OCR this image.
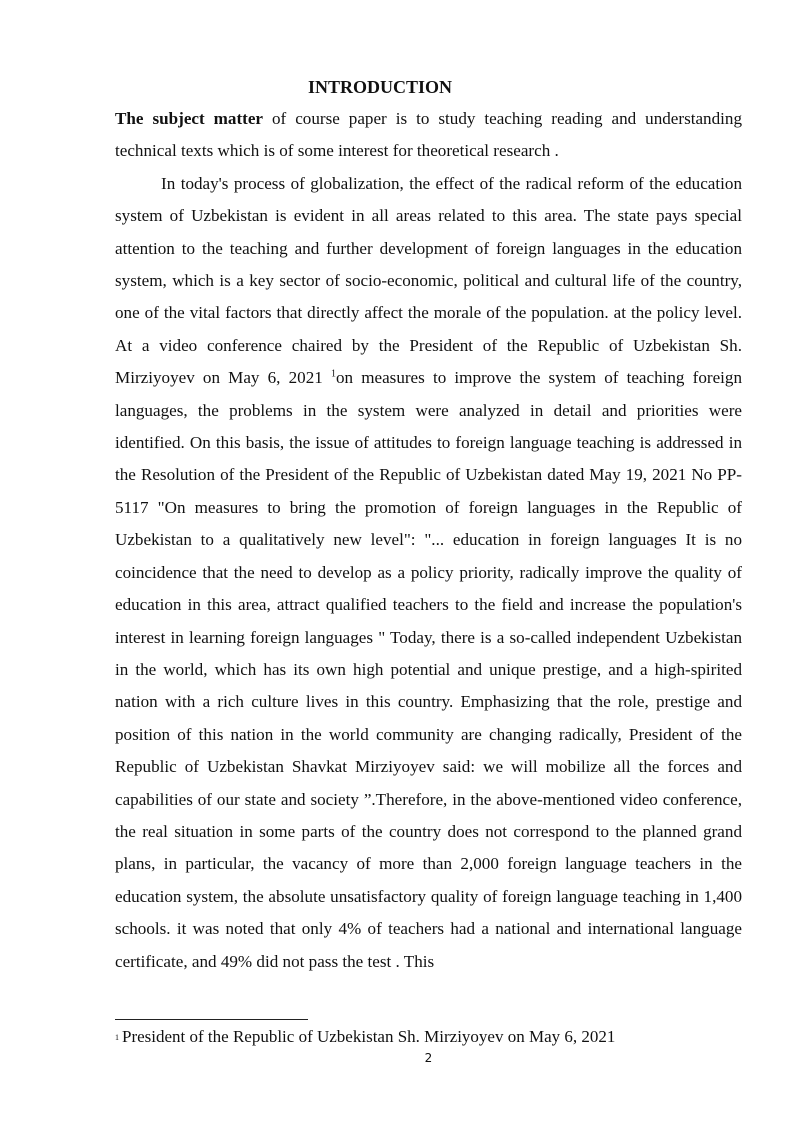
INTRODUCTION

The subject matter of course paper is to study teaching reading and understanding technical texts which is of some interest for theoretical research .

In today's process of globalization, the effect of the radical reform of the education system of Uzbekistan is evident in all areas related to this area. The state pays special attention to the teaching and further development of foreign languages in the education system, which is a key sector of socio-economic, political and cultural life of the country, one of the vital factors that directly affect the morale of the population. at the policy level. At a video conference chaired by the President of the Republic of Uzbekistan Sh. Mirziyoyev on May 6, 2021 $^1$on measures to improve the system of teaching foreign languages, the problems in the system were analyzed in detail and priorities were identified. On this basis, the issue of attitudes to foreign language teaching is addressed in the Resolution of the President of the Republic of Uzbekistan dated May 19, 2021 No PP-5117 "On measures to bring the promotion of foreign languages in the Republic of Uzbekistan to a qualitatively new level": "... education in foreign languages It is no coincidence that the need to develop as a policy priority, radically improve the quality of education in this area, attract qualified teachers to the field and increase the population's interest in learning foreign languages " Today, there is a so-called independent Uzbekistan in the world, which has its own high potential and unique prestige, and a high-spirited nation with a rich culture lives in this country. Emphasizing that the role, prestige and position of this nation in the world community are changing radically, President of the Republic of Uzbekistan Shavkat Mirziyoyev said: we will mobilize all the forces and capabilities of our state and society ”.Therefore, in the above-mentioned video conference, the real situation in some parts of the country does not correspond to the planned grand plans, in particular, the vacancy of more than 2,000 foreign language teachers in the education system, the absolute unsatisfactory quality of foreign language teaching in 1,400 schools. it was noted that only 4% of teachers had a national and international language certificate, and 49% did not pass the test . This

1 President of the Republic of Uzbekistan Sh. Mirziyoyev on May 6, 2021
2
